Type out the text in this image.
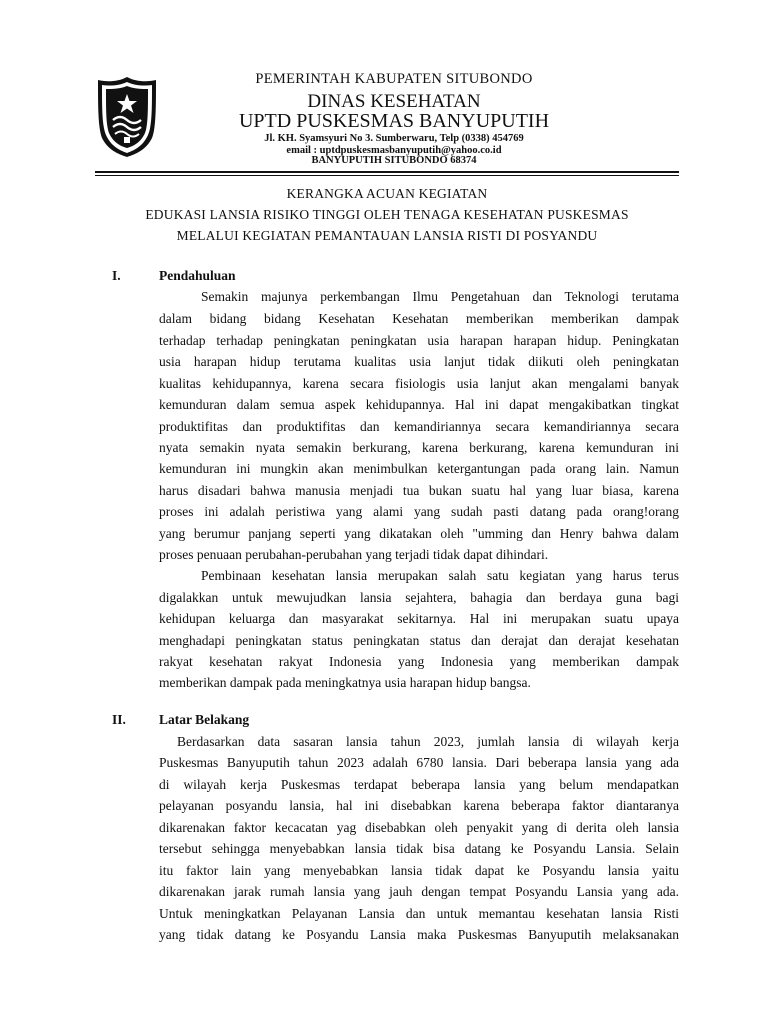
PEMERINTAH KABUPATEN SITUBONDO
DINAS KESEHATAN
UPTD PUSKESMAS BANYUPUTIH
Jl. KH. Syamsyuri No 3. Sumberwaru, Telp (0338) 454769
email : uptdpuskesmasbanyuputih@yahoo.co.id
BANYUPUTIH SITUBONDO 68374
KERANGKA ACUAN KEGIATAN
EDUKASI LANSIA RISIKO TINGGI OLEH TENAGA KESEHATAN PUSKESMAS
MELALUI KEGIATAN PEMANTAUAN LANSIA RISTI DI POSYANDU
I.	Pendahuluan
Semakin majunya perkembangan Ilmu Pengetahuan dan Teknologi terutama
dalam bidang bidang Kesehatan Kesehatan memberikan memberikan dampak
terhadap terhadap peningkatan peningkatan usia harapan harapan hidup. Peningkatan
usia harapan hidup terutama kualitas usia lanjut tidak diikuti oleh peningkatan
kualitas kehidupannya, karena secara fisiologis usia lanjut akan mengalami banyak
kemunduran dalam semua aspek kehidupannya. Hal ini dapat mengakibatkan tingkat
produktifitas dan produktifitas dan kemandiriannya secara kemandiriannya secara
nyata semakin nyata semakin berkurang, karena berkurang, karena kemunduran ini
kemunduran ini mungkin akan menimbulkan ketergantungan pada orang lain. Namun
harus disadari bahwa manusia menjadi tua bukan suatu hal yang luar biasa, karena
proses ini adalah peristiwa yang alami yang sudah pasti datang pada orang!orang
yang berumur panjang seperti yang dikatakan oleh "umming dan Henry bahwa dalam
proses penuaan perubahan-perubahan yang terjadi tidak dapat dihindari.
Pembinaan kesehatan lansia merupakan salah satu kegiatan yang harus terus
digalakkan untuk mewujudkan lansia sejahtera, bahagia dan berdaya guna bagi
kehidupan keluarga dan masyarakat sekitarnya. Hal ini merupakan suatu upaya
menghadapi peningkatan status peningkatan status dan derajat dan derajat kesehatan
rakyat kesehatan rakyat Indonesia yang Indonesia yang memberikan dampak
memberikan dampak pada meningkatnya usia harapan hidup bangsa.
II. Latar Belakang
Berdasarkan data sasaran lansia tahun 2023, jumlah lansia di wilayah kerja
Puskesmas Banyuputih tahun 2023 adalah 6780 lansia. Dari beberapa lansia yang ada
di wilayah kerja Puskesmas terdapat beberapa lansia yang belum mendapatkan
pelayanan posyandu lansia, hal ini disebabkan karena beberapa faktor diantaranya
dikarenakan faktor kecacatan yag disebabkan oleh penyakit yang di derita oleh lansia
tersebut sehingga menyebabkan lansia tidak bisa datang ke Posyandu Lansia. Selain
itu faktor lain yang menyebabkan lansia tidak dapat ke Posyandu lansia yaitu
dikarenakan jarak rumah lansia yang jauh dengan tempat Posyandu Lansia yang ada.
Untuk meningkatkan Pelayanan Lansia dan untuk memantau kesehatan lansia Risti
yang tidak datang ke Posyandu Lansia maka Puskesmas Banyuputih melaksanakan
